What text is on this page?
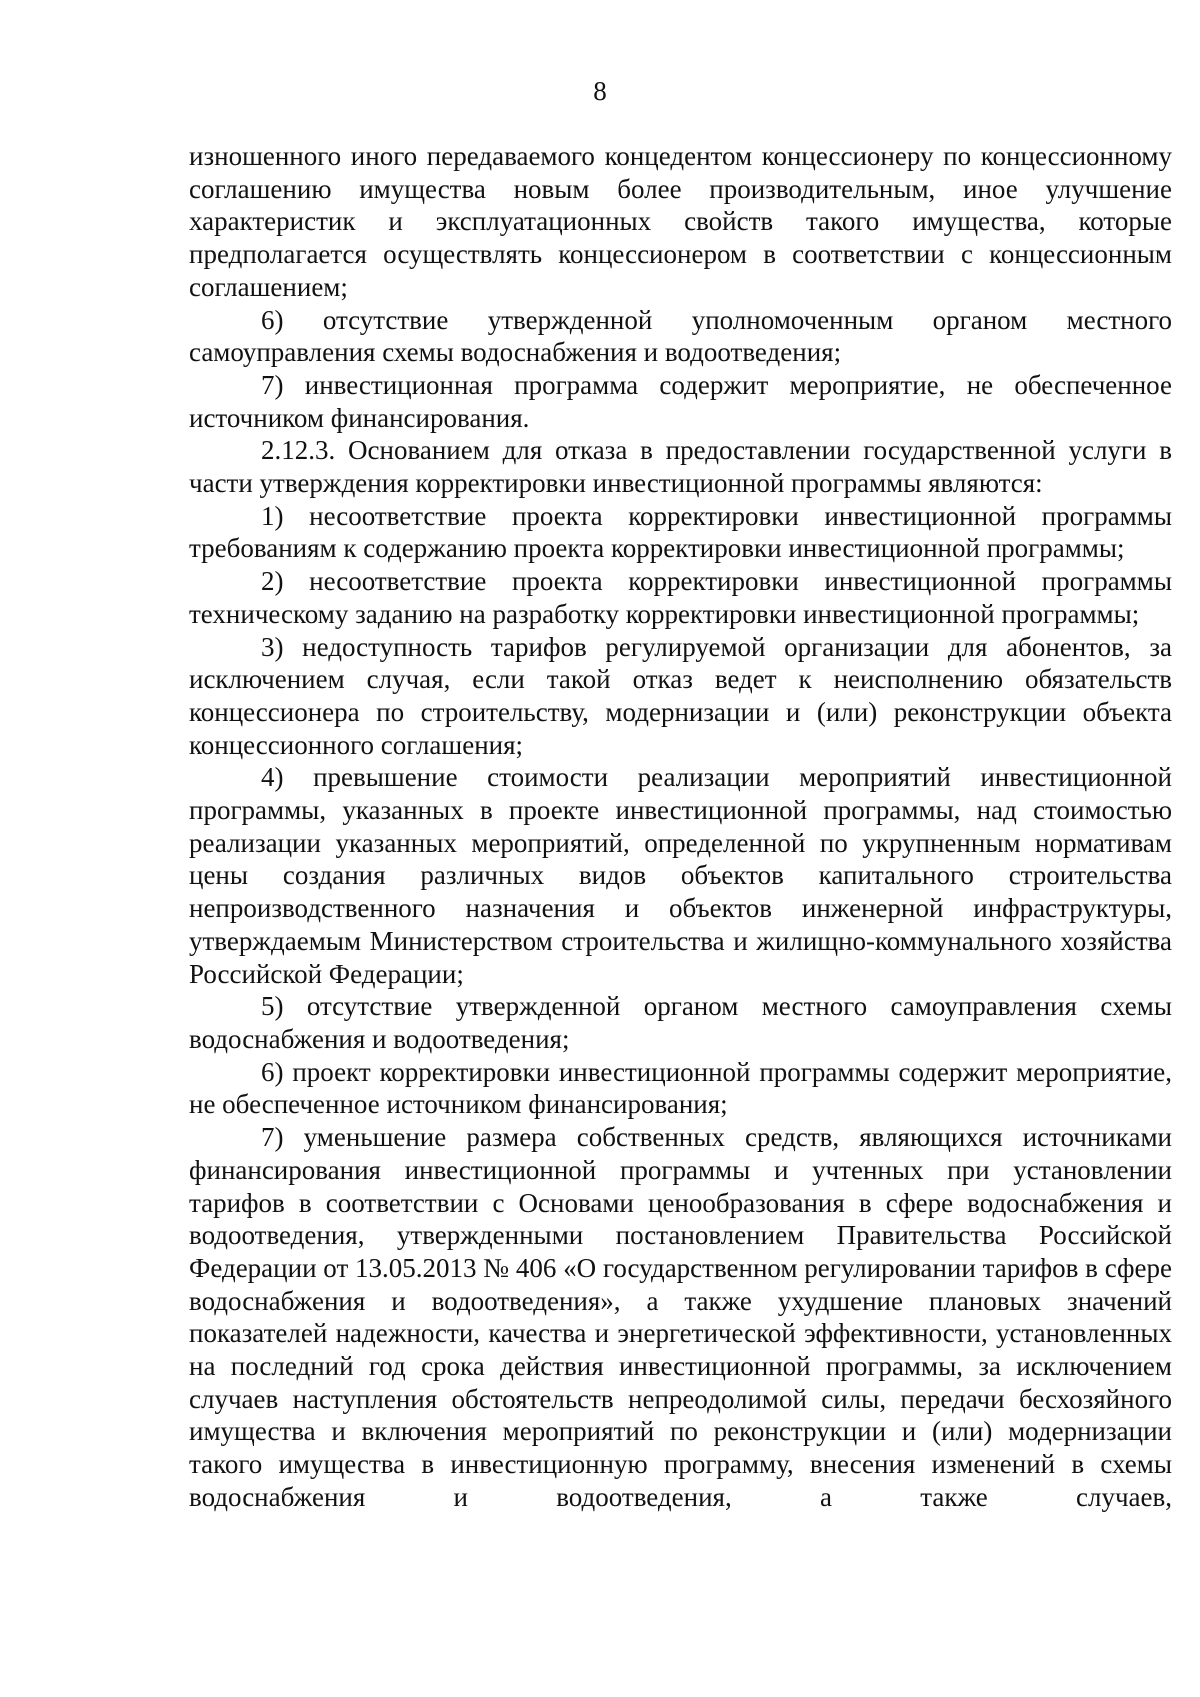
8

изношенного иного передаваемого концедентом концессионеру по концессионному соглашению имущества новым более производительным, иное улучшение характеристик и эксплуатационных свойств такого имущества, которые предполагается осуществлять концессионером в соответствии с концессионным соглашением;

6) отсутствие утвержденной уполномоченным органом местного самоуправления схемы водоснабжения и водоотведения;

7) инвестиционная программа содержит мероприятие, не обеспеченное источником финансирования.

2.12.3. Основанием для отказа в предоставлении государственной услуги в части утверждения корректировки инвестиционной программы являются:

1) несоответствие проекта корректировки инвестиционной программы требованиям к содержанию проекта корректировки инвестиционной программы;

2) несоответствие проекта корректировки инвестиционной программы техническому заданию на разработку корректировки инвестиционной программы;

3) недоступность тарифов регулируемой организации для абонентов, за исключением случая, если такой отказ ведет к неисполнению обязательств концессионера по строительству, модернизации и (или) реконструкции объекта концессионного соглашения;

4) превышение стоимости реализации мероприятий инвестиционной программы, указанных в проекте инвестиционной программы, над стоимостью реализации указанных мероприятий, определенной по укрупненным нормативам цены создания различных видов объектов капитального строительства непроизводственного назначения и объектов инженерной инфраструктуры, утверждаемым Министерством строительства и жилищно-коммунального хозяйства Российской Федерации;

5) отсутствие утвержденной органом местного самоуправления схемы водоснабжения и водоотведения;

6) проект корректировки инвестиционной программы содержит мероприятие, не обеспеченное источником финансирования;

7) уменьшение размера собственных средств, являющихся источниками финансирования инвестиционной программы и учтенных при установлении тарифов в соответствии с Основами ценообразования в сфере водоснабжения и водоотведения, утвержденными постановлением Правительства Российской Федерации от 13.05.2013 № 406 «О государственном регулировании тарифов в сфере водоснабжения и водоотведения», а также ухудшение плановых значений показателей надежности, качества и энергетической эффективности, установленных на последний год срока действия инвестиционной программы, за исключением случаев наступления обстоятельств непреодолимой силы, передачи бесхозяйного имущества и включения мероприятий по реконструкции и (или) модернизации такого имущества в инвестиционную программу, внесения изменений в схемы водоснабжения и водоотведения, а также случаев,
